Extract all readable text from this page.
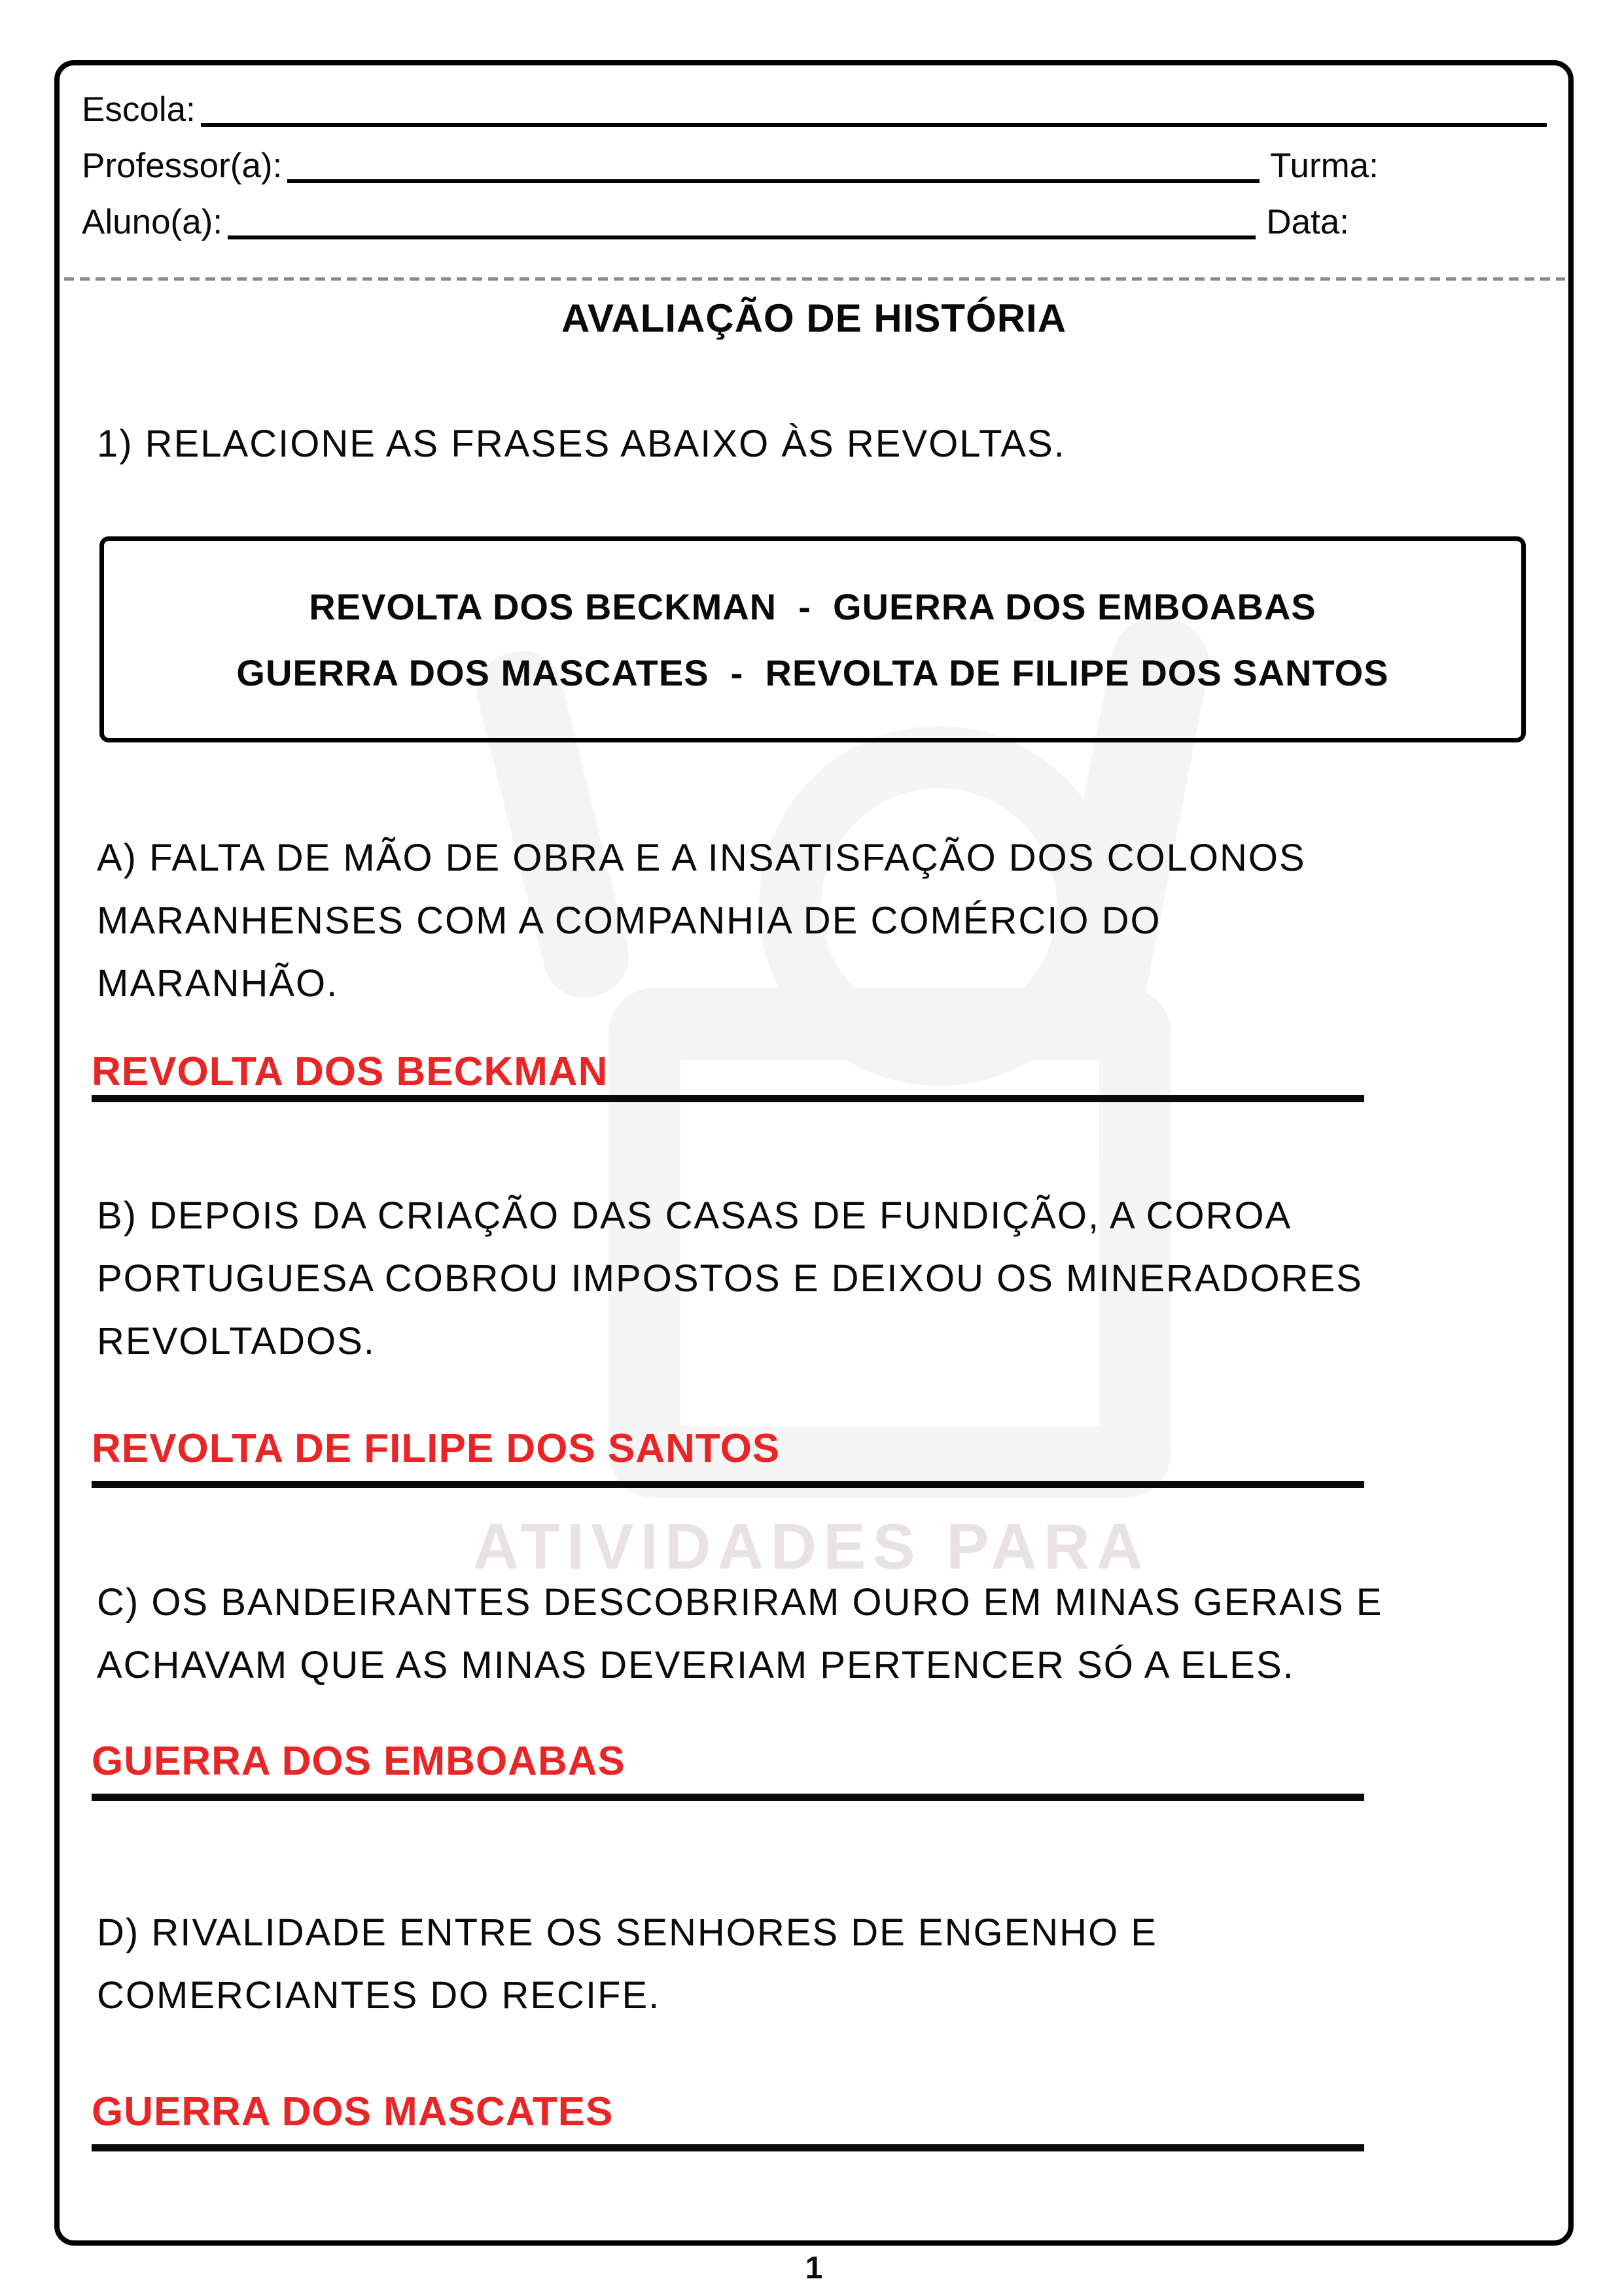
ATIVIDADES PARA
Escola:
Professor(a):	Turma:
Aluno(a):	Data:
AVALIAÇÃO DE HISTÓRIA
1) RELACIONE AS FRASES ABAIXO ÀS REVOLTAS.
REVOLTA DOS BECKMAN  -  GUERRA DOS EMBOABAS
GUERRA DOS MASCATES  -  REVOLTA DE FILIPE DOS SANTOS
A) FALTA DE MÃO DE OBRA E A INSATISFAÇÃO DOS COLONOS
MARANHENSES COM A COMPANHIA DE COMÉRCIO DO
MARANHÃO.
REVOLTA DOS BECKMAN
B) DEPOIS DA CRIAÇÃO DAS CASAS DE FUNDIÇÃO, A COROA
PORTUGUESA COBROU IMPOSTOS E DEIXOU OS MINERADORES
REVOLTADOS.
REVOLTA DE FILIPE DOS SANTOS
C) OS BANDEIRANTES DESCOBRIRAM OURO EM MINAS GERAIS E
ACHAVAM QUE AS MINAS DEVERIAM PERTENCER SÓ A ELES.
GUERRA DOS EMBOABAS
D) RIVALIDADE ENTRE OS SENHORES DE ENGENHO E
COMERCIANTES DO RECIFE.
GUERRA DOS MASCATES
1
